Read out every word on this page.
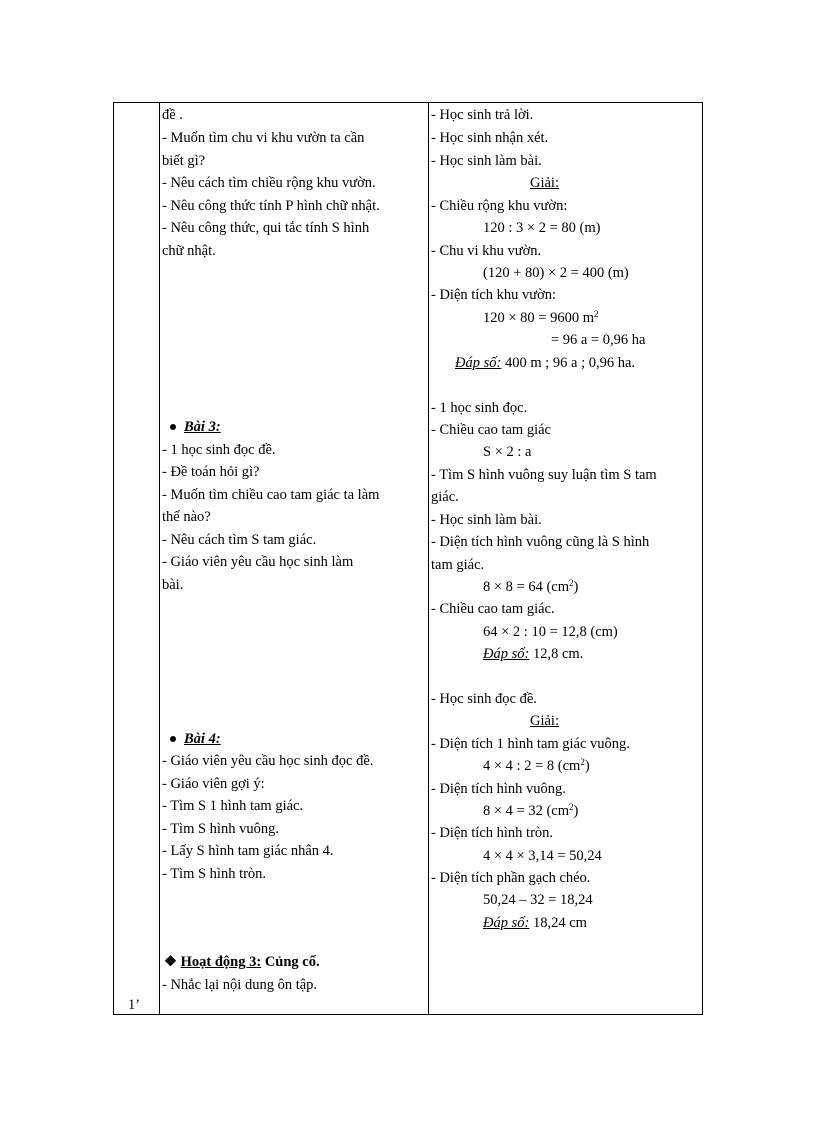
1’
đề .
- Muốn tìm chu vi khu vườn ta cần
biết gì?
- Nêu cách tìm chiều rộng khu vườn.
- Nêu công thức tính P hình chữ nhật.
- Nêu công thức, qui tắc tính S hình
chữ nhật.
Bài 3:
- 1 học sinh đọc đề.
- Đề toán hỏi gì?
- Muốn tìm chiều cao tam giác ta làm
thế nào?
- Nêu cách tìm S tam giác.
- Giáo viên yêu cầu học sinh làm
bài.
Bài 4:
- Giáo viên yêu cầu học sinh đọc đề.
- Giáo viên gợi ý:
- Tìm S 1 hình tam giác.
- Tìm S hình vuông.
- Lấy S hình tam giác nhân 4.
- Tìm S hình tròn.
❖ Hoạt động 3: Củng cố.
- Nhắc lại nội dung ôn tập.
- Học sinh trả lời.
- Học sinh nhận xét.
- Học sinh làm bài.
Giải:
- Chiều rộng khu vườn:
120 : 3 × 2 = 80 (m)
- Chu vi khu vườn.
(120 + 80) × 2 = 400 (m)
- Diện tích khu vườn:
120 × 80 = 9600 $m^2$
= 96 a = 0,96 ha
Đáp số: 400 m ; 96 a ; 0,96 ha.
- 1 học sinh đọc.
- Chiều cao tam giác
S × 2 : a
- Tìm S hình vuông suy luận tìm S tam
giác.
- Học sinh làm bài.
- Diện tích hình vuông cũng là S hình
tam giác.
8 × 8 = 64 $(cm^2)$
- Chiều cao tam giác.
64 × 2 : 10 = 12,8 (cm)
Đáp số: 12,8 cm.
- Học sinh đọc đề.
Giải:
- Diện tích 1 hình tam giác vuông.
4 × 4 : 2 = 8 $(cm^2)$
- Diện tích hình vuông.
8 × 4 = 32 $(cm^2)$
- Diện tích hình tròn.
4 × 4 × 3,14 = 50,24
- Diện tích phần gạch chéo.
50,24 – 32 = 18,24
Đáp số: 18,24 cm
